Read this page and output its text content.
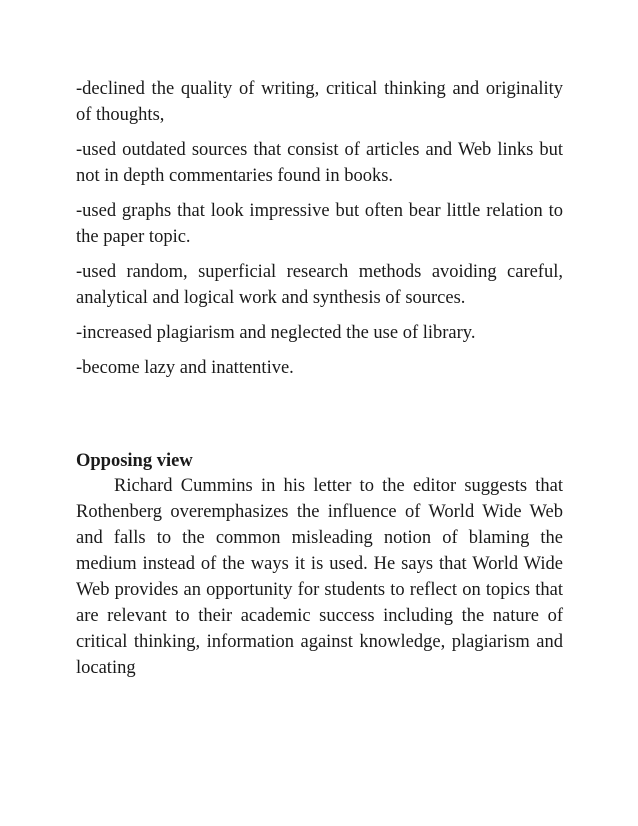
-declined the quality of writing, critical thinking and originality of thoughts,

-used outdated sources that consist of articles and Web links but not in depth commentaries found in books.

-used graphs that look impressive but often bear little relation to the paper topic.

-used random, superficial research methods avoiding careful, analytical and logical work and synthesis of sources.

-increased plagiarism and neglected the use of library.

-become lazy and inattentive.

Opposing view

Richard Cummins in his letter to the editor suggests that Rothenberg overemphasizes the influence of World Wide Web and falls to the common misleading notion of blaming the medium instead of the ways it is used. He says that World Wide Web provides an opportunity for students to reflect on topics that are relevant to their academic success including the nature of critical thinking, information against knowledge, plagiarism and locating
